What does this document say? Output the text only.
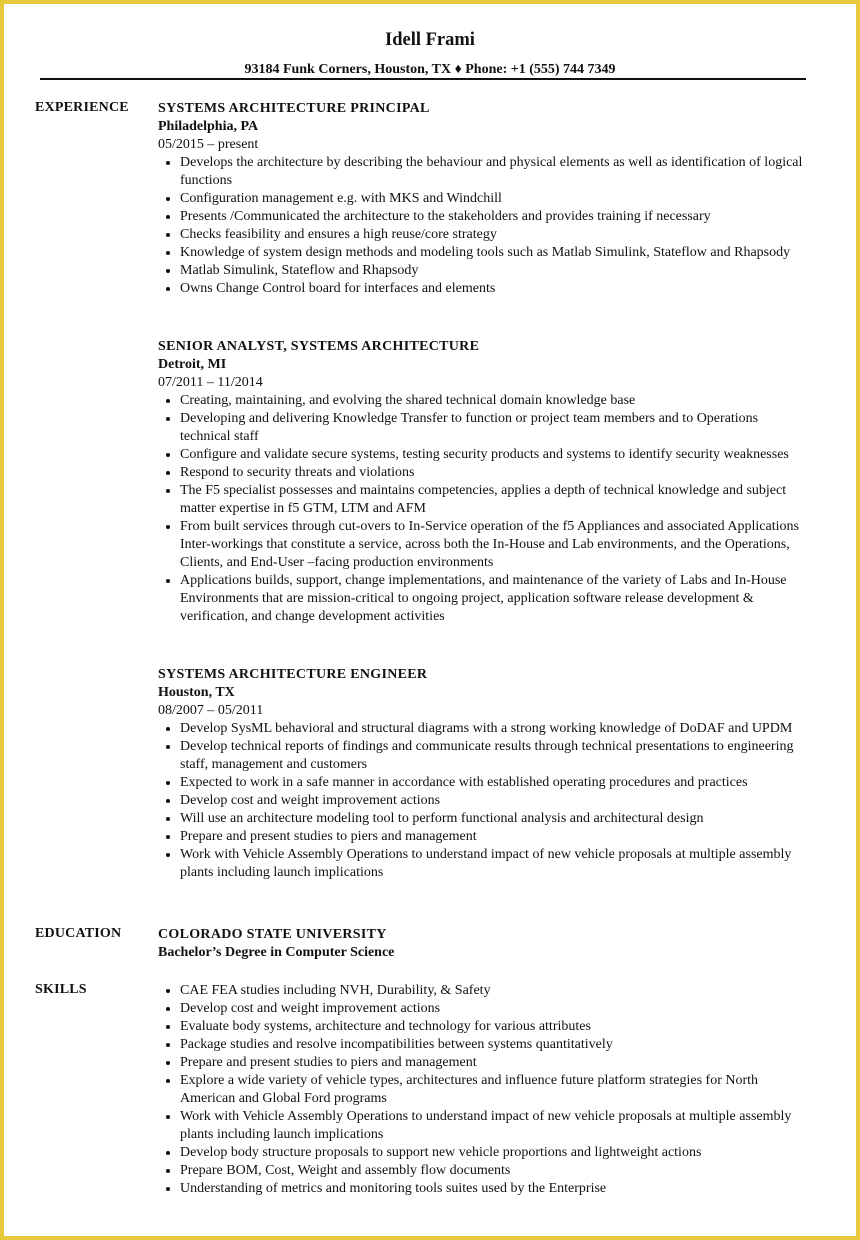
Idell Frami
93184 Funk Corners, Houston, TX ♦ Phone: +1 (555) 744 7349
EXPERIENCE SYSTEMS ARCHITECTURE PRINCIPAL
Philadelphia, PA
05/2015 – present
• Develops the architecture by describing the behaviour and physical elements as well as identification of logical functions
• Configuration management e.g. with MKS and Windchill
• Presents /Communicated the architecture to the stakeholders and provides training if necessary
• Checks feasibility and ensures a high reuse/core strategy
• Knowledge of system design methods and modeling tools such as Matlab Simulink, Stateflow and Rhapsody
• Matlab Simulink, Stateflow and Rhapsody
• Owns Change Control board for interfaces and elements
SENIOR ANALYST, SYSTEMS ARCHITECTURE
Detroit, MI
07/2011 – 11/2014
• Creating, maintaining, and evolving the shared technical domain knowledge base
• Developing and delivering Knowledge Transfer to function or project team members and to Operations technical staff
• Configure and validate secure systems, testing security products and systems to identify security weaknesses
• Respond to security threats and violations
• The F5 specialist possesses and maintains competencies, applies a depth of technical knowledge and subject matter expertise in f5 GTM, LTM and AFM
• From built services through cut-overs to In-Service operation of the f5 Appliances and associated Applications Inter-workings that constitute a service, across both the In-House and Lab environments, and the Operations, Clients, and End-User –facing production environments
• Applications builds, support, change implementations, and maintenance of the variety of Labs and In-House Environments that are mission-critical to ongoing project, application software release development & verification, and change development activities
SYSTEMS ARCHITECTURE ENGINEER
Houston, TX
08/2007 – 05/2011
• Develop SysML behavioral and structural diagrams with a strong working knowledge of DoDAF and UPDM
• Develop technical reports of findings and communicate results through technical presentations to engineering staff, management and customers
• Expected to work in a safe manner in accordance with established operating procedures and practices
• Develop cost and weight improvement actions
• Will use an architecture modeling tool to perform functional analysis and architectural design
• Prepare and present studies to piers and management
• Work with Vehicle Assembly Operations to understand impact of new vehicle proposals at multiple assembly plants including launch implications
EDUCATION	COLORADO STATE UNIVERSITY
Bachelor’s Degree in Computer Science
SKILLS
•	CAE FEA studies including NVH, Durability, & Safety
• Develop cost and weight improvement actions
• Evaluate body systems, architecture and technology for various attributes
• Package studies and resolve incompatibilities between systems quantitatively
• Prepare and present studies to piers and management
• Explore a wide variety of vehicle types, architectures and influence future platform strategies for North American and Global Ford programs
• Work with Vehicle Assembly Operations to understand impact of new vehicle proposals at multiple assembly plants including launch implications
• Develop body structure proposals to support new vehicle proportions and lightweight actions
• Prepare BOM, Cost, Weight and assembly flow documents
• Understanding of metrics and monitoring tools suites used by the Enterprise
